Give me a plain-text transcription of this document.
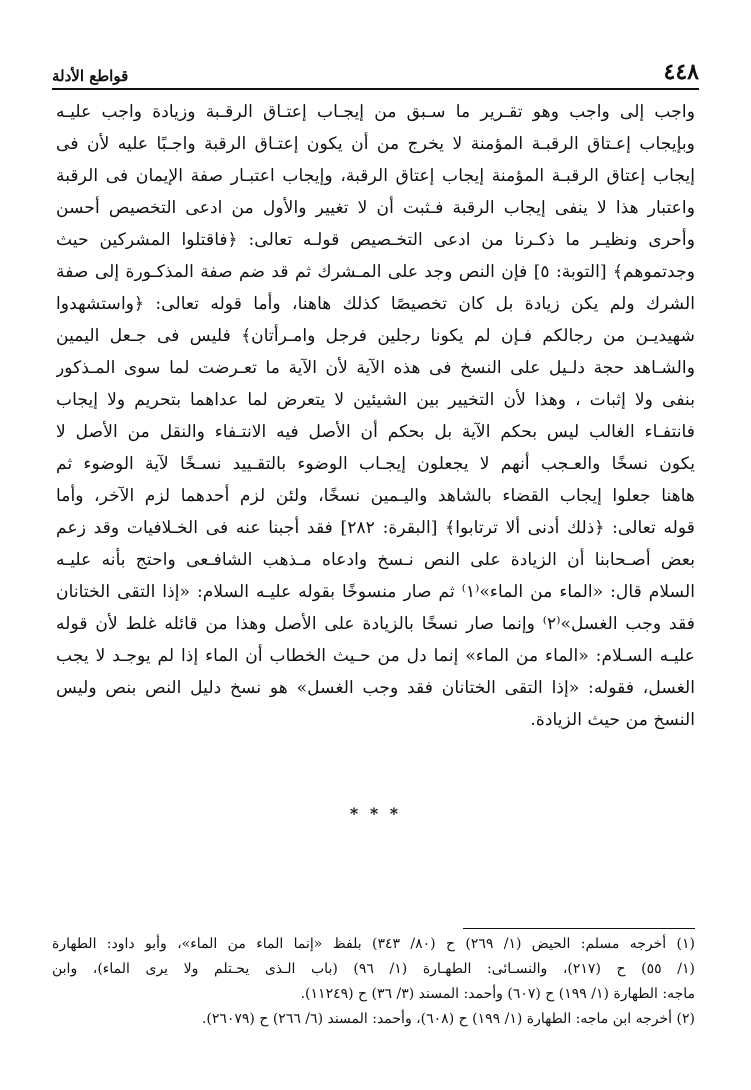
٤٤٨
قواطع الأدلة
واجب إلى واجب وهو تقـرير ما سـبق من إيجـاب إعتـاق الرقـبة وزيادة واجب عليـه
وبإيجاب إعـتاق الرقبـة المؤمنة لا يخرج من أن يكون إعتـاق الرقبة واجـبًا عليه لأن فى
إيجاب إعتاق الرقبـة المؤمنة إيجاب إعتاق الرقبة، وإيجاب اعتبـار صفة الإيمان فى الرقبة
واعتبار هذا لا ينفى إيجاب الرقبة فـثبت أن لا تغيير والأول من ادعى التخصيص أحسن
وأحرى ونظيـر ما ذكـرنا من ادعى التخـصيص قولـه تعالى: ﴿فاقتلوا المشركين حيث
وجدتموهم﴾ [التوبة: ٥] فإن النص وجد على المـشرك ثم قد ضم صفة المذكـورة إلى صفة
الشرك ولم يكن زيادة بل كان تخصيصًا كذلك هاهنا، وأما قوله تعالى: ﴿واستشهدوا
شهيديـن من رجالكم فـإن لم يكونا رجلين فرجل وامـرأتان﴾ فليس فى جـعل اليمين
والشـاهد حجة دلـيل على النسخ فى هذه الآية لأن الآية ما تعـرضت لما سوى المـذكور
بنفى ولا إثبات ، وهذا لأن التخيير بين الشيئين لا يتعرض لما عداهما بتحريم ولا إيجاب
فانتفـاء الغالب ليس بحكم الآية بل بحكم أن الأصل فيه الانتـفاء والنقل من الأصل لا
يكون نسخًا والعـجب أنهم لا يجعلون إيجـاب الوضوء بالتقـييد نسـخًا لآية الوضوء ثم
هاهنا جعلوا إيجاب القضاء بالشاهد واليـمين نسخًا، ولئن لزم أحدهما لزم الآخر، وأما
قوله تعالى: ﴿ذلك أدنى ألا ترتابوا﴾ [البقرة: ٢٨٢] فقد أجبنا عنه فى الخـلافيات وقد زعم
بعض أصـحابنا أن الزيادة على النص نـسخ وادعاه مـذهب الشافـعى واحتج بأنه عليـه
السلام قال: «الماء من الماء»⁽١⁾ ثم صار منسوخًا بقوله عليـه السلام: «إذا التقى الختانان
فقد وجب الغسل»⁽٢⁾ وإنما صار نسخًا بالزيادة على الأصل وهذا من قائله غلط لأن قوله
عليـه السـلام: «الماء من الماء» إنما دل من حـيث الخطاب أن الماء إذا لم يوجـد لا يجب
الغسل، فقوله: «إذا التقى الختانان فقد وجب الغسل» هو نسخ دليل النص بنص وليس
النسخ من حيث الزيادة.
* * *
(١) أخرجه مسلم: الحيض (١/ ٢٦٩) ح (٨٠/ ٣٤٣) بلفظ «إنما الماء من الماء»، وأبو داود: الطهارة
(١/ ٥٥) ح (٢١٧)، والنسـائى: الطهـارة (١/ ٩٦) (باب الـذى يحـتلم ولا يرى الماء)، وابن
ماجه: الطهارة (١/ ١٩٩) ح (٦٠٧) وأحمد: المسند (٣/ ٣٦) ح (١١٢٤٩).
(٢) أخرجه ابن ماجه: الطهارة (١/ ١٩٩) ح (٦٠٨)، وأحمد: المسند (٦/ ٢٦٦) ح (٢٦٠٧٩).
